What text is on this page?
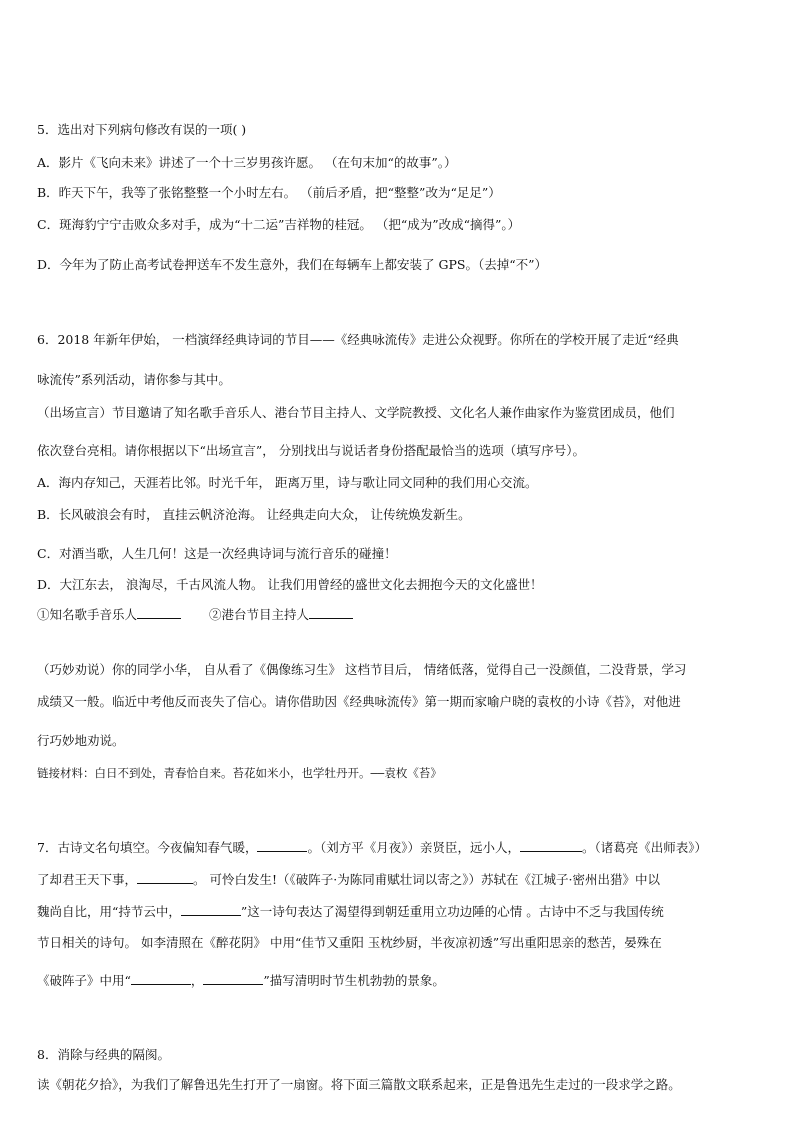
5．选出对下列病句修改有误的一项( )
A．影片《飞向未来》讲述了一个十三岁男孩许愿。 （在句末加“的故事”。）
B．昨天下午，我等了张铭整整一个小时左右。 （前后矛盾，把“整整”改为“足足”）
C．斑海豹宁宁击败众多对手，成为“十二运”吉祥物的桂冠。 （把“成为”改成“摘得”。）
D．今年为了防止高考试卷押送车不发生意外，我们在每辆车上都安装了 GPS。（去掉“不”）
6．2018 年新年伊始， 一档演绎经典诗词的节目——《经典咏流传》走进公众视野。你所在的学校开展了走近“经典
咏流传”系列活动，请你参与其中。
（出场宣言）节目邀请了知名歌手音乐人、港台节目主持人、文学院教授、文化名人兼作曲家作为鉴赏团成员，他们
依次登台亮相。请你根据以下“出场宣言”， 分别找出与说话者身份搭配最恰当的选项（填写序号）。
A．海内存知己，天涯若比邻。时光千年， 距离万里，诗与歌让同文同种的我们用心交流。
B．长风破浪会有时， 直挂云帆济沧海。 让经典走向大众， 让传统焕发新生。
C．对酒当歌，人生几何！这是一次经典诗词与流行音乐的碰撞！
D．大江东去， 浪淘尽，千古风流人物。 让我们用曾经的盛世文化去拥抱今天的文化盛世！
①知名歌手音乐人	②港台节目主持人
（巧妙劝说）你的同学小华， 自从看了《偶像练习生》 这档节目后， 情绪低落，觉得自己一没颜值，二没背景，学习
成绩又一般。临近中考他反而丧失了信心。请你借助因《经典咏流传》第一期而家喻户晓的袁枚的小诗《苔》，对他进
行巧妙地劝说。
链接材料：白日不到处，青春恰自来。苔花如米小，也学牡丹开。——袁枚《苔》
7．古诗文名句填空。今夜偏知春气暖，	。（刘方平《月夜》）亲贤臣，远小人，	。（诸葛亮《出师表》）
了却君王天下事，	。 可怜白发生!（《破阵子·为陈同甫赋壮词以寄之》）苏轼在《江城子·密州出猎》中以
魏尚自比，用“持节云中，	”这一诗句表达了渴望得到朝廷重用立功边陲的心情 。古诗中不乏与我国传统
节日相关的诗句。 如李清照在《醉花阴》 中用“佳节又重阳 玉枕纱厨，半夜凉初透”写出重阳思亲的愁苦，晏殊在
《破阵子》中用“	，	”描写清明时节生机勃勃的景象。
8．消除与经典的隔阂。
读《朝花夕拾》，为我们了解鲁迅先生打开了一扇窗。将下面三篇散文联系起来，正是鲁迅先生走过的一段求学之路。
